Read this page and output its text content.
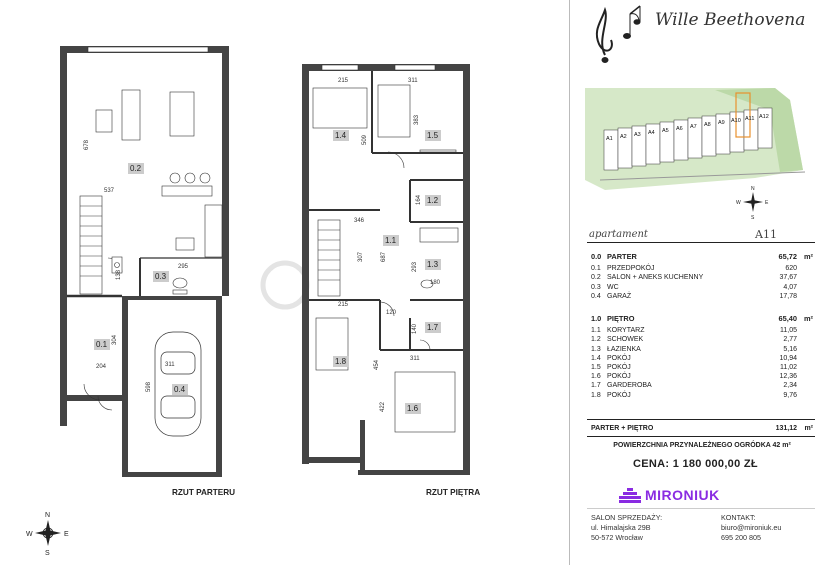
678
537
295
138
304
204	311
598
215	311
509
383
164
346
307	687
293
180
215
120
140
454
311
422
0.2
0.3
0.1
0.4
1.4	1.5
1.2
1.1
1.3
1.8
1.7
1.6
N
S
E
W
RZUT PARTERU	RZUT PIĘTRA
A1 A2 A3 A4 A5 A6 A7 A8 A9 A10 A11 A12
N
S
E
W
Wille Beethovena
apartament	A11
0.0 PARTER	65,72 m²
0.1 PRZEDPOKÓJ	620
0.2 SALON + ANEKS KUCHENNY	37,67
0.3 WC	4,07
0.4 GARAŻ	17,78
1.0 PIĘTRO	65,40 m²
1.1 KORYTARZ	11,05
1.2 SCHOWEK	2,77
1.3 ŁAZIENKA	5,16
1.4 POKÓJ	10,94
1.5 POKÓJ	11,02
1.6 POKÓJ	12,36
1.7 GARDEROBA	2,34
1.8 POKÓJ	9,76
PARTER + PIĘTRO	131,12	m²
POWIERZCHNIA PRZYNALEŻNEGO OGRÓDKA 42 m²
CENA: 1 180 000,00 ZŁ
MIRONIUK
SALON SPRZEDAŻY:
ul. Himalajska 29B
50-572 Wrocław
KONTAKT:
biuro@mironiuk.eu
695 200 805
